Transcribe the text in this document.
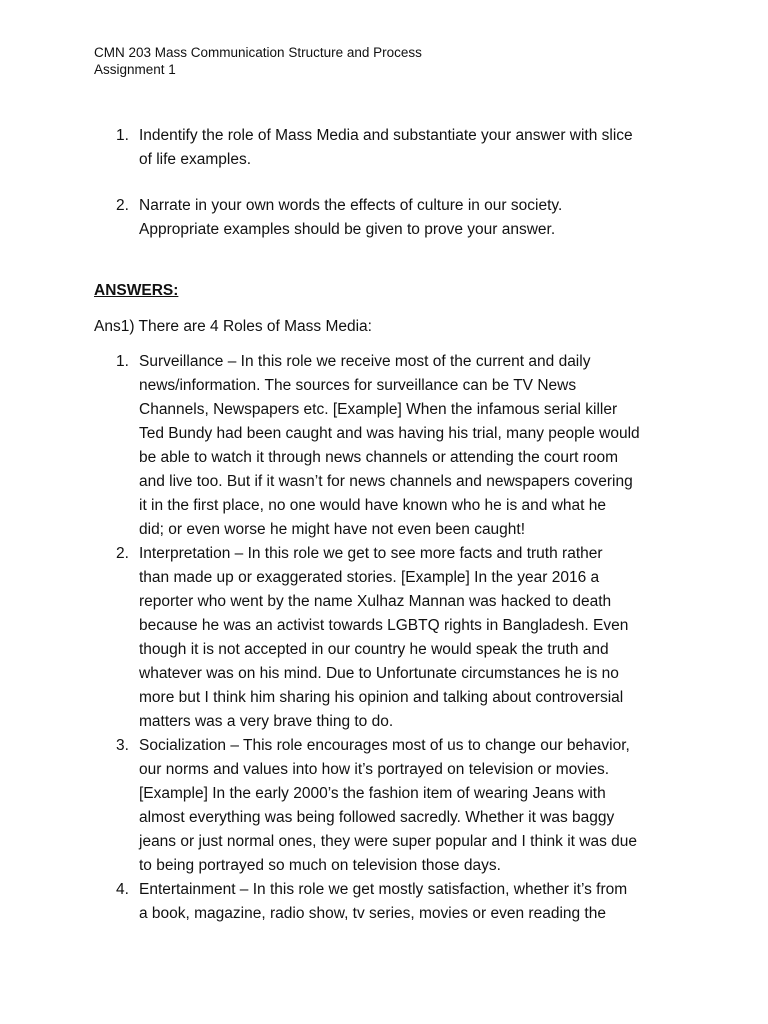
CMN 203 Mass Communication Structure and Process
Assignment 1
1. Indentify the role of Mass Media and substantiate your answer with slice
of life examples.
2. Narrate in your own words the effects of culture in our society.
Appropriate examples should be given to prove your answer.
ANSWERS:
Ans1) There are 4 Roles of Mass Media:
1. Surveillance – In this role we receive most of the current and daily
news/information. The sources for surveillance can be TV News
Channels, Newspapers etc. [Example] When the infamous serial killer
Ted Bundy had been caught and was having his trial, many people would
be able to watch it through news channels or attending the court room
and live too. But if it wasn’t for news channels and newspapers covering
it in the first place, no one would have known who he is and what he
did; or even worse he might have not even been caught!
2. Interpretation – In this role we get to see more facts and truth rather
than made up or exaggerated stories. [Example] In the year 2016 a
reporter who went by the name Xulhaz Mannan was hacked to death
because he was an activist towards LGBTQ rights in Bangladesh. Even
though it is not accepted in our country he would speak the truth and
whatever was on his mind. Due to Unfortunate circumstances he is no
more but I think him sharing his opinion and talking about controversial
matters was a very brave thing to do.
3. Socialization – This role encourages most of us to change our behavior,
our norms and values into how it’s portrayed on television or movies.
[Example] In the early 2000’s the fashion item of wearing Jeans with
almost everything was being followed sacredly. Whether it was baggy
jeans or just normal ones, they were super popular and I think it was due
to being portrayed so much on television those days.
4. Entertainment – In this role we get mostly satisfaction, whether it’s from
a book, magazine, radio show, tv series, movies or even reading the
